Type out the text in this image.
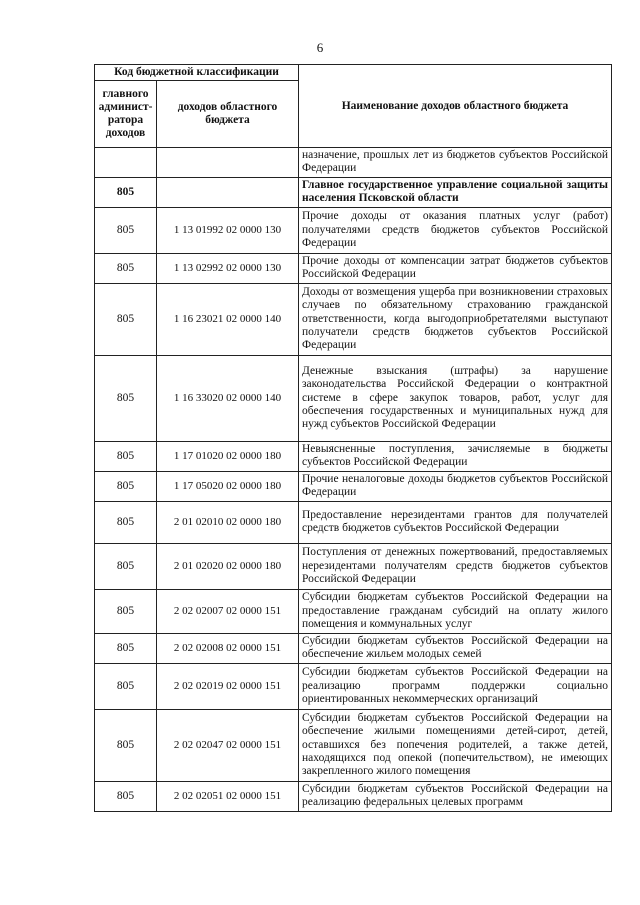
6
Код бюджетной классификации		Наименование доходов областного бюджета
главного админист-ратора доходов	доходов областного бюджета	
		назначение, прошлых лет из бюджетов субъектов Российской Федерации
805		Главное государственное управление социальной защиты населения Псковской области
805	1 13 01992 02 0000 130	Прочие доходы от оказания платных услуг (работ) получателями средств бюджетов субъектов Российской Федерации
805	1 13 02992 02 0000 130	Прочие доходы от компенсации затрат бюджетов субъектов Российской Федерации
805	1 16 23021 02 0000 140	Доходы от возмещения ущерба при возникновении страховых случаев по обязательному страхованию гражданской ответственности, когда выгодоприобретателями выступают получатели средств бюджетов субъектов Российской Федерации
805	1 16 33020 02 0000 140	Денежные взыскания (штрафы) за нарушение законодательства Российской Федерации о контрактной системе в сфере закупок товаров, работ, услуг для обеспечения государственных и муниципальных нужд для нужд субъектов Российской Федерации
805	1 17 01020 02 0000 180	Невыясненные поступления, зачисляемые в бюджеты субъектов Российской Федерации
805	1 17 05020 02 0000 180	Прочие неналоговые доходы бюджетов субъектов Российской Федерации
805	2 01 02010 02 0000 180	Предоставление нерезидентами грантов для получателей средств бюджетов субъектов Российской Федерации
805	2 01 02020 02 0000 180	Поступления от денежных пожертвований, предоставляемых нерезидентами получателям средств бюджетов субъектов Российской Федерации
805	2 02 02007 02 0000 151	Субсидии бюджетам субъектов Российской Федерации на предоставление гражданам субсидий на оплату жилого помещения и коммунальных услуг
805	2 02 02008 02 0000 151	Субсидии бюджетам субъектов Российской Федерации на обеспечение жильем молодых семей
805	2 02 02019 02 0000 151	Субсидии бюджетам субъектов Российской Федерации на реализацию программ поддержки социально ориентированных некоммерческих организаций
805	2 02 02047 02 0000 151	Субсидии бюджетам субъектов Российской Федерации на обеспечение жилыми помещениями детей-сирот, детей, оставшихся без попечения родителей, а также детей, находящихся под опекой (попечительством), не имеющих закрепленного жилого помещения
805	2 02 02051 02 0000 151	Субсидии бюджетам субъектов Российской Федерации на реализацию федеральных целевых программ
